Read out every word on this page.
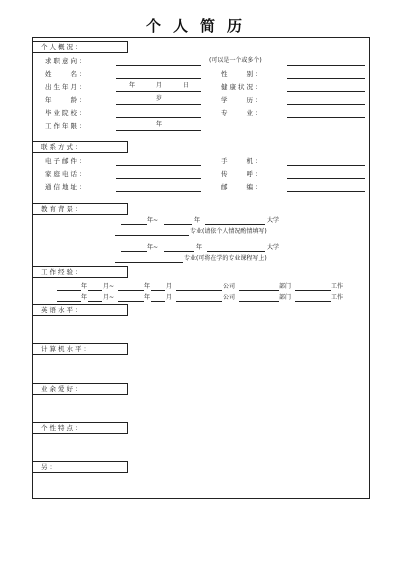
个人简历
个人概况：
求职意向：	(可以是一个或多个)
姓　　名：	性　　别：
出生年月：	年	月	日	健康状况：
年　　龄：	岁	学　　历：
毕业院校：	专　　业：
工作年限：	年
联系方式：
电子邮件：	手　　机：
家庭电话：	传　　呼：
通信地址：	邮　　编：
教育背景：
年~	年	大学
专业(请依个人情况酌情填写)
年~	年	大学
专业(可将在学的专业课程写上)
工作经验：
年	月~	年	月	公司	部门	工作
年	月~	年	月	公司	部门	工作
英语水平：
计算机水平：
业余爱好：
个性特点：
另：
